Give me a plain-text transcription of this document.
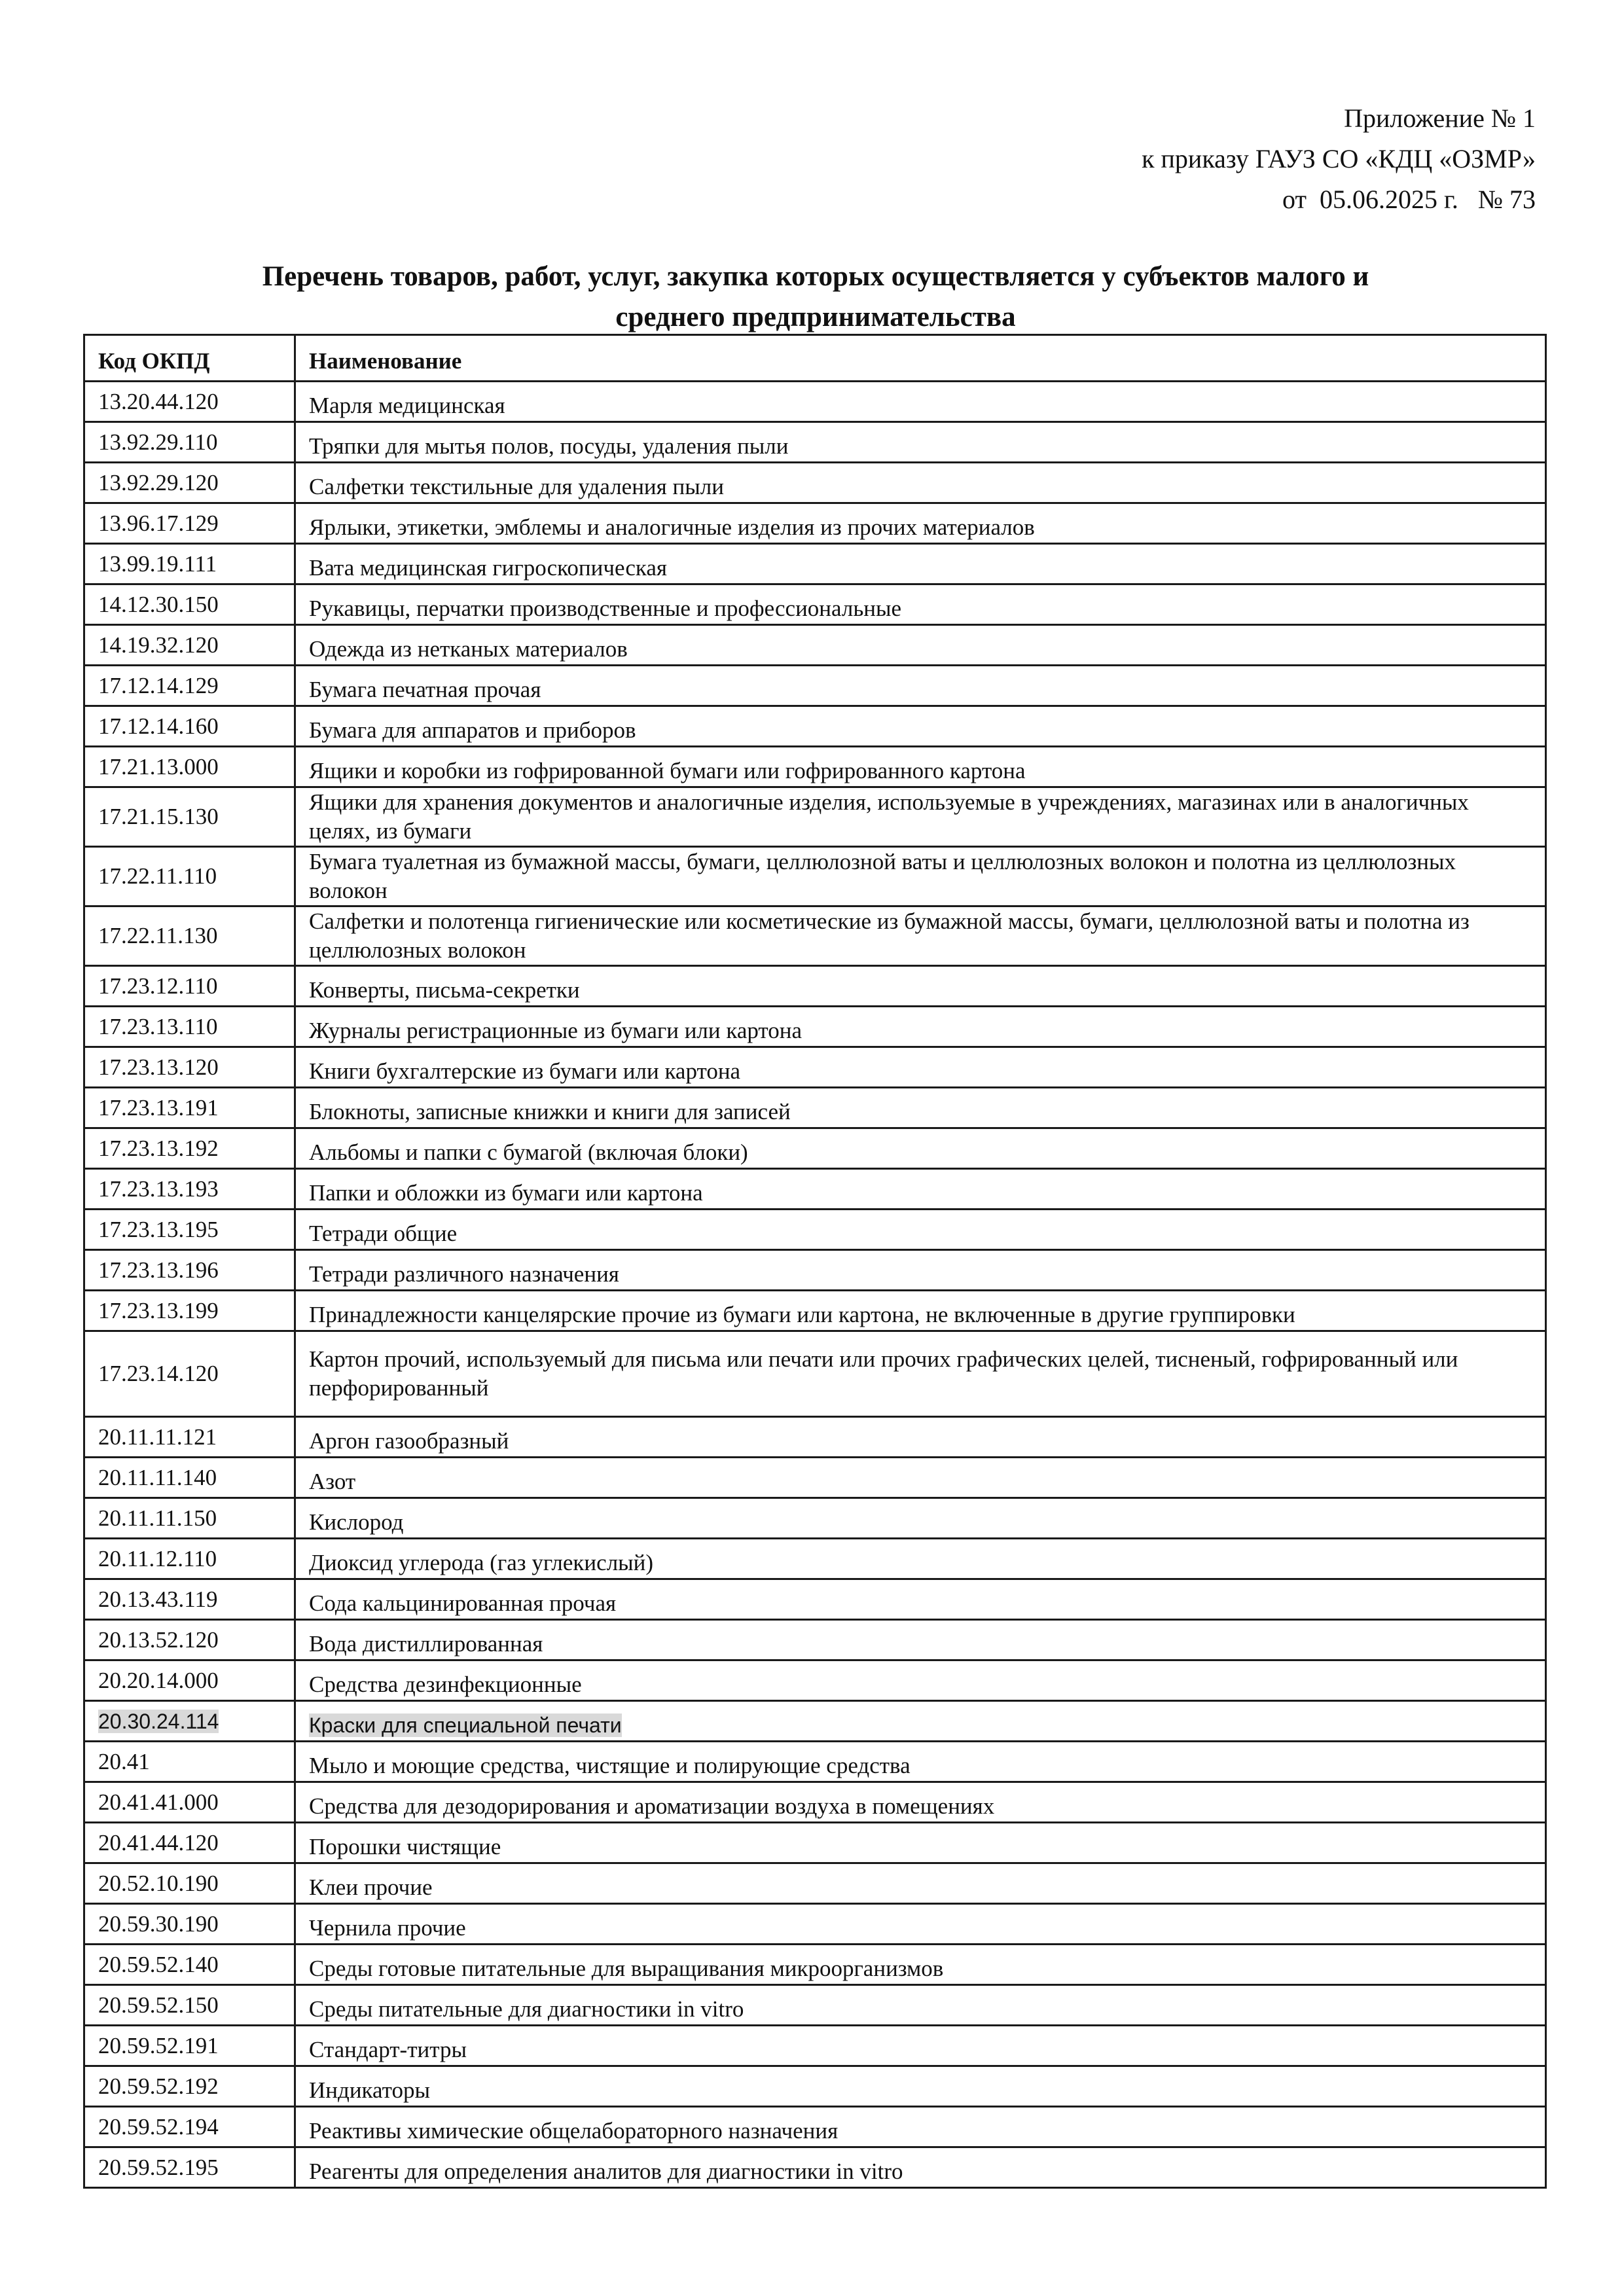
Приложение № 1
к приказу ГАУЗ СО «КДЦ «ОЗМР»
от  05.06.2025 г.   № 73
Перечень товаров, работ, услуг, закупка которых осуществляется у субъектов малого и
среднего предпринимательства
Код ОКПД	Наименование
13.20.44.120	Марля медицинская
13.92.29.110	Тряпки для мытья полов, посуды, удаления пыли
13.92.29.120	Салфетки текстильные для удаления пыли
13.96.17.129	Ярлыки, этикетки, эмблемы и аналогичные изделия из прочих материалов
13.99.19.111	Вата медицинская гигроскопическая
14.12.30.150	Рукавицы, перчатки производственные и профессиональные
14.19.32.120	Одежда из нетканых материалов
17.12.14.129	Бумага печатная прочая
17.12.14.160	Бумага для аппаратов и приборов
17.21.13.000	Ящики и коробки из гофрированной бумаги или гофрированного картона
17.21.15.130	Ящики для хранения документов и аналогичные изделия, используемые в учреждениях, магазинах или в аналогичных целях, из бумаги
17.22.11.110	Бумага туалетная из бумажной массы, бумаги, целлюлозной ваты и целлюлозных волокон и полотна из целлюлозных волокон
17.22.11.130	Салфетки и полотенца гигиенические или косметические из бумажной массы, бумаги, целлюлозной ваты и полотна из целлюлозных волокон
17.23.12.110	Конверты, письма-секретки
17.23.13.110	Журналы регистрационные из бумаги или картона
17.23.13.120	Книги бухгалтерские из бумаги или картона
17.23.13.191	Блокноты, записные книжки и книги для записей
17.23.13.192	Альбомы и папки с бумагой (включая блоки)
17.23.13.193	Папки и обложки из бумаги или картона
17.23.13.195	Тетради общие
17.23.13.196	Тетради различного назначения
17.23.13.199	Принадлежности канцелярские прочие из бумаги или картона, не включенные в другие группировки
17.23.14.120	Картон прочий, используемый для письма или печати или прочих графических целей, тисненый, гофрированный или перфорированный
20.11.11.121	Аргон газообразный
20.11.11.140	Азот
20.11.11.150	Кислород
20.11.12.110	Диоксид углерода (газ углекислый)
20.13.43.119	Сода кальцинированная прочая
20.13.52.120	Вода дистиллированная
20.20.14.000	Средства дезинфекционные
20.30.24.114	Краски для специальной печати
20.41	Мыло и моющие средства, чистящие и полирующие средства
20.41.41.000	Средства для дезодорирования и ароматизации воздуха в помещениях
20.41.44.120	Порошки чистящие
20.52.10.190	Клеи прочие
20.59.30.190	Чернила прочие
20.59.52.140	Среды готовые питательные для выращивания микроорганизмов
20.59.52.150	Среды питательные для диагностики in vitro
20.59.52.191	Стандарт-титры
20.59.52.192	Индикаторы
20.59.52.194	Реактивы химические общелабораторного назначения
20.59.52.195	Реагенты для определения аналитов для диагностики in vitro
